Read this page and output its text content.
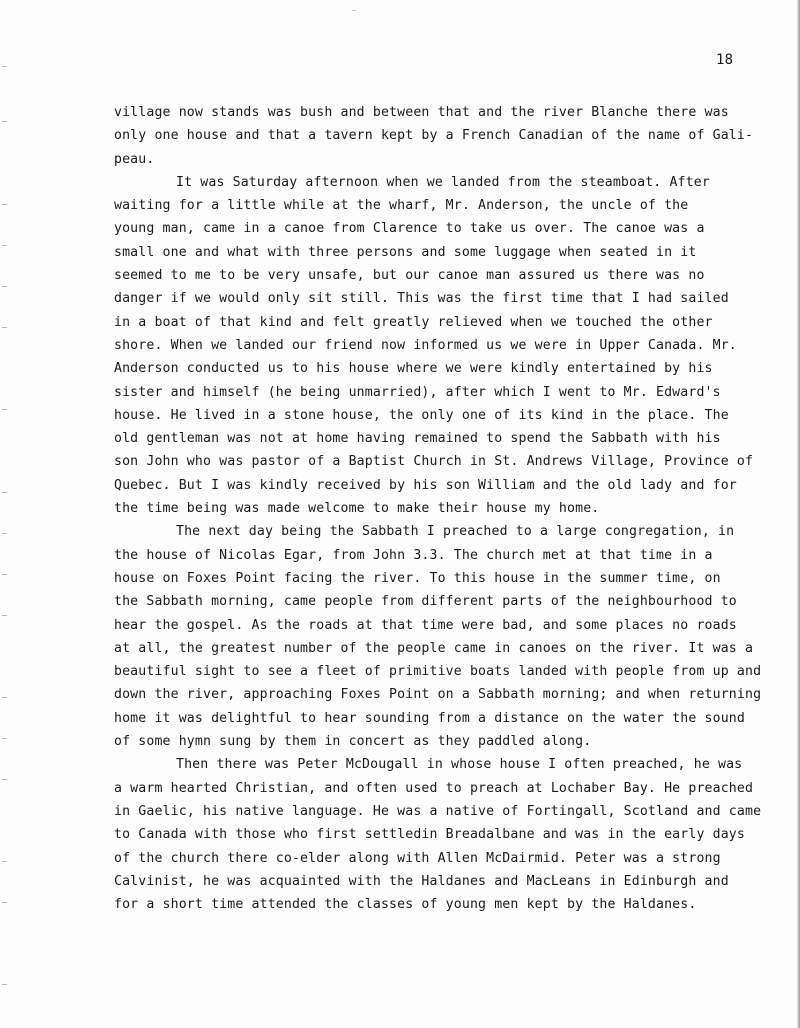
18
village now stands was bush and between that and the river Blanche there was
only one house and that a tavern kept by a French Canadian of the name of Gali-
peau.
It was Saturday afternoon when we landed from the steamboat. After
waiting for a little while at the wharf, Mr. Anderson, the uncle of the
young man, came in a canoe from Clarence to take us over. The canoe was a
small one and what with three persons and some luggage when seated in it
seemed to me to be very unsafe, but our canoe man assured us there was no
danger if we would only sit still. This was the first time that I had sailed
in a boat of that kind and felt greatly relieved when we touched the other
shore. When we landed our friend now informed us we were in Upper Canada. Mr.
Anderson conducted us to his house where we were kindly entertained by his
sister and himself (he being unmarried), after which I went to Mr. Edward's
house. He lived in a stone house, the only one of its kind in the place. The
old gentleman was not at home having remained to spend the Sabbath with his
son John who was pastor of a Baptist Church in St. Andrews Village, Province of
Quebec. But I was kindly received by his son William and the old lady and for
the time being was made welcome to make their house my home.
The next day being the Sabbath I preached to a large congregation, in
the house of Nicolas Egar, from John 3.3. The church met at that time in a
house on Foxes Point facing the river. To this house in the summer time, on
the Sabbath morning, came people from different parts of the neighbourhood to
hear the gospel. As the roads at that time were bad, and some places no roads
at all, the greatest number of the people came in canoes on the river. It was a
beautiful sight to see a fleet of primitive boats landed with people from up and
down the river, approaching Foxes Point on a Sabbath morning; and when returning
home it was delightful to hear sounding from a distance on the water the sound
of some hymn sung by them in concert as they paddled along.
Then there was Peter McDougall in whose house I often preached, he was
a warm hearted Christian, and often used to preach at Lochaber Bay. He preached
in Gaelic, his native language. He was a native of Fortingall, Scotland and came
to Canada with those who first settledin Breadalbane and was in the early days
of the church there co-elder along with Allen McDairmid. Peter was a strong
Calvinist, he was acquainted with the Haldanes and MacLeans in Edinburgh and
for a short time attended the classes of young men kept by the Haldanes.
